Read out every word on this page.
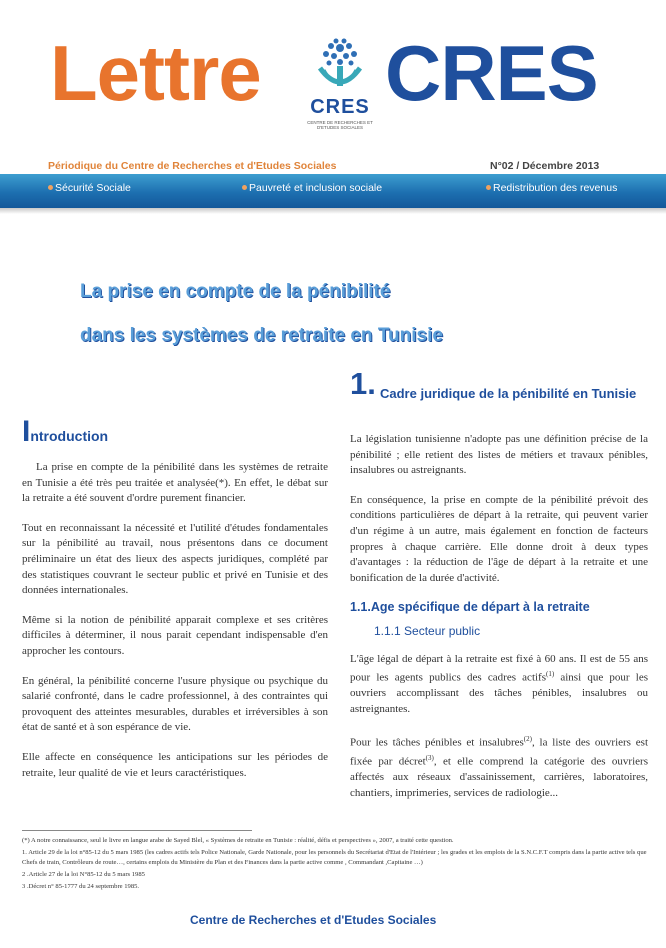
Lettre	CRES
CENTRE DE RECHERCHES ET D'ETUDES SOCIALES
CRES
Périodique du Centre de Recherches et d'Etudes Sociales	N°02 / Décembre 2013
Sécurité Sociale	Pauvreté et inclusion sociale	Redistribution des revenus
La prise en compte de la pénibilité
dans les systèmes de retraite en Tunisie
Introduction

La prise en compte de la pénibilité dans les systèmes de retraite en Tunisie a été très peu traitée et analysée(*). En effet, le débat sur la retraite a été souvent d'ordre purement financier.

Tout en reconnaissant la nécessité et l'utilité d'études fondamentales sur la pénibilité au travail, nous présentons dans ce document préliminaire un état des lieux des aspects juridiques, complété par des statistiques couvrant le secteur public et privé en Tunisie et des données internationales.

Même si la notion de pénibilité apparait complexe et ses critères difficiles à déterminer, il nous parait cependant indispensable d'en approcher les contours.

En général, la pénibilité concerne l'usure physique ou psychique du salarié confronté, dans le cadre professionnel, à des contraintes qui provoquent des atteintes mesurables, durables et irréversibles à son état de santé et à son espérance de vie.

Elle affecte en conséquence les anticipations sur les périodes de retraite, leur qualité de vie et leurs caractéristiques.

1. Cadre juridique de la pénibilité en Tunisie

La législation tunisienne n'adopte pas une définition précise de la pénibilité ; elle retient des listes de métiers et travaux pénibles, insalubres ou astreignants.

En conséquence, la prise en compte de la pénibilité prévoit des conditions particulières de départ à la retraite, qui peuvent varier d'un régime à un autre, mais également en fonction de facteurs propres à chaque carrière. Elle donne droit à deux types d'avantages : la réduction de l'âge de départ à la retraite et une bonification de la durée d'activité.

1.1.Age spécifique de départ à la retraite

1.1.1 Secteur public

L'âge légal de départ à la retraite est fixé à 60 ans. Il est de 55 ans pour les agents publics des cadres actifs$^{(1)}$ ainsi que pour les ouvriers accomplissant des tâches pénibles, insalubres ou astreignantes.

Pour les tâches pénibles et insalubres$^{(2)}$, la liste des ouvriers est fixée par décret$^{(3)}$, et elle comprend la catégorie des ouvriers affectés aux réseaux d'assainissement, carrières, laboratoires, chantiers, imprimeries, services de radiologie...

(*) A notre connaissance, seul le livre en langue arabe de Sayed Blel, « Systèmes de retraite en Tunisie : réalité, défis et perspectives », 2007, a traité cette question.
1. Article 29 de la loi n°85-12 du 5 mars 1985 (les cadres actifs tels Police Nationale, Garde Nationale, pour les personnels du Secrétariat d'Etat de l'Intérieur ; les grades et les emplois de la S.N.C.F.T compris dans la partie active tels que Chefs de train, Contrôleurs de route…, certains emplois du Ministère du Plan et des Finances dans la partie active comme , Commandant ,Capitaine …)
2 .Article 27 de la loi N°85-12 du 5 mars 1985
3 .Décret n° 85-1777 du 24 septembre 1985.
Centre de Recherches et d'Etudes Sociales
